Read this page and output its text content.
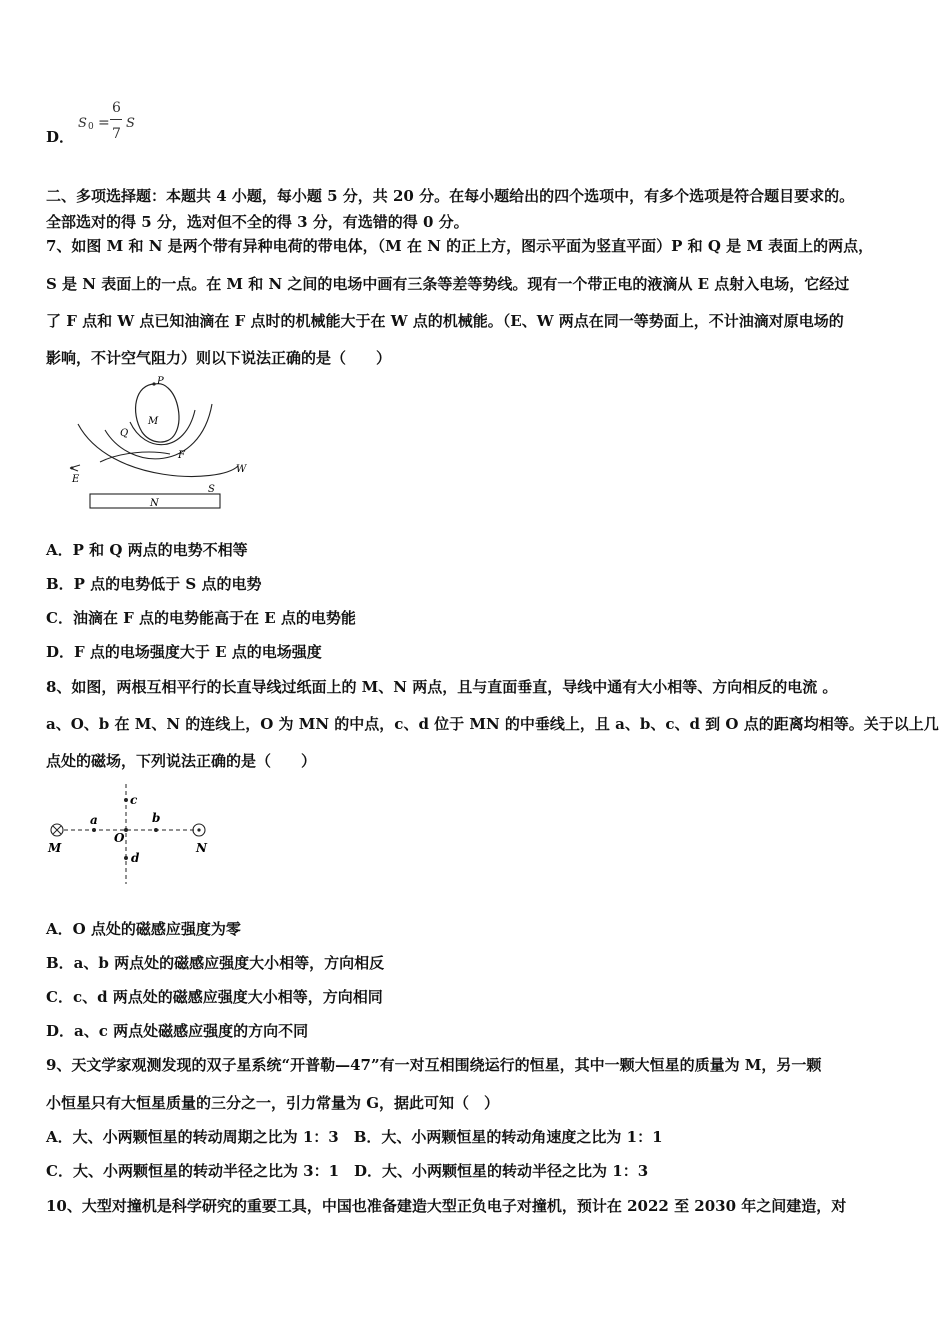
D．
S 0 =
6
7
S
二、多项选择题：本题共 4 小题，每小题 5 分，共 20 分。在每小题给出的四个选项中，有多个选项是符合题目要求的。
全部选对的得 5 分，选对但不全的得 3 分，有选错的得 0 分。
7、如图 M 和 N 是两个带有异种电荷的带电体，（M 在 N 的正上方，图示平面为竖直平面）P 和 Q 是 M 表面上的两点，
S 是 N 表面上的一点。在 M 和 N 之间的电场中画有三条等差等势线。现有一个带正电的液滴从 E 点射入电场，它经过
了 F 点和 W 点已知油滴在 F 点时的机械能大于在 W 点的机械能。（E、W 两点在同一等势面上，不计油滴对原电场的
影响，不计空气阻力）则以下说法正确的是（　　）
P
M
Q
F
W
E
S
N
A．P 和 Q 两点的电势不相等
B．P 点的电势低于 S 点的电势
C．油滴在 F 点的电势能高于在 E 点的电势能
D．F 点的电场强度大于 E 点的电场强度
8、如图，两根互相平行的长直导线过纸面上的 M、N 两点，且与直面垂直，导线中通有大小相等、方向相反的电流 。
a、O、b 在 M、N 的连线上，O 为 MN 的中点，c、d 位于 MN 的中垂线上，且 a、b、c、d 到 O 点的距离均相等。关于以上几
点处的磁场，下列说法正确的是（　　）
c
a	b
O
d
M	N
A．O 点处的磁感应强度为零
B．a、b 两点处的磁感应强度大小相等，方向相反
C．c、d 两点处的磁感应强度大小相等，方向相同
D．a、c 两点处磁感应强度的方向不同
9、天文学家观测发现的双子星系统“开普勒—47”有一对互相围绕运行的恒星，其中一颗大恒星的质量为 M，另一颗
小恒星只有大恒星质量的三分之一，引力常量为 G，据此可知（　）
A．大、小两颗恒星的转动周期之比为 1：3　B．大、小两颗恒星的转动角速度之比为 1：1
C．大、小两颗恒星的转动半径之比为 3：1　D．大、小两颗恒星的转动半径之比为 1：3
10、大型对撞机是科学研究的重要工具，中国也准备建造大型正负电子对撞机，预计在 2022 至 2030 年之间建造，对
